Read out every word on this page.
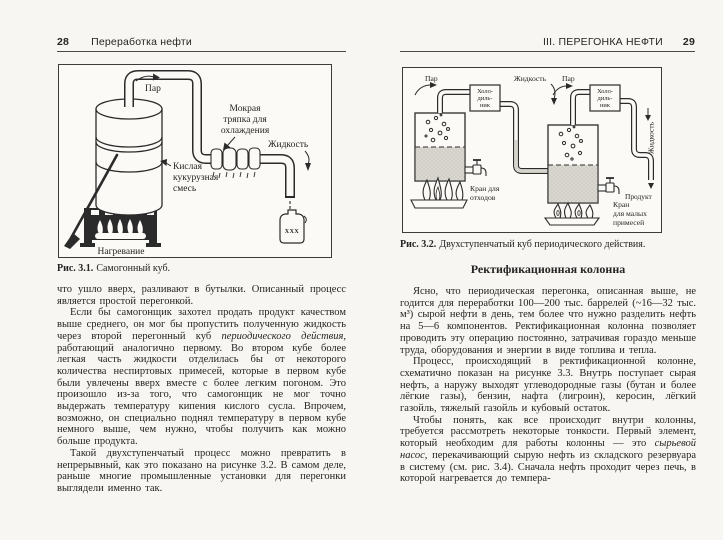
28 Переработка нефти
XXX
Пар
Мокрая
тряпка для
охлаждения
Жидкость
Кислая
кукурузная
смесь
Нагревание
Рис. 3.1. Самогонный куб.

что ушло вверх, разливают в бутылки. Описанный процесс является простой перегонкой.

Если бы самогонщик захотел продать продукт качеством выше среднего, он мог бы пропустить полученную жидкость через второй перегонный куб периодического действия, работающий аналогично первому. Во втором кубе более легкая часть жидкости отделилась бы от некоторого количества неспиртовых примесей, которые в первом кубе были увлечены вверх вместе с более легким погоном. Это произошло из-за того, что самогонщик не мог точно выдержать температуру кипения кислого сусла. Впрочем, возможно, он специально поднял температуру в первом кубе немного выше, чем нужно, чтобы получить как можно больше продукта.

Такой двухступенчатый процесс можно превратить в непрерывный, как это показано на рисунке 3.2. В самом деле, раньше многие промышленные установки для перегонки выглядели именно так.

III. ПЕРЕГОНКА НЕФТИ 29
Холо-
диль-
ник
Пар	Жидкость
Кран для
отходов
Холо-
диль-
ник
Пар
Жидкость
Продукт
Кран
для малых
примесей
Рис. 3.2. Двухступенчатый куб периодического действия.
Ректификационная колонна

Ясно, что периодическая перегонка, описанная выше, не годится для переработки 100—200 тыс. баррелей (~16—32 тыс. м³) сырой нефти в день, тем более что нужно разделить нефть на 5—6 компонентов. Ректификационная колонна позволяет проводить эту операцию постоянно, затрачивая гораздо меньше труда, оборудования и энергии в виде топлива и тепла.

Процесс, происходящий в ректификационной колонне, схематично показан на рисунке 3.3. Внутрь поступает сырая нефть, а наружу выходят углеводородные газы (бутан и более лёгкие газы), бензин, нафта (лигроин), керосин, лёгкий газойль, тяжелый газойль и кубовый остаток.

Чтобы понять, как все происходит внутри колонны, требуется рассмотреть некоторые тонкости. Первый элемент, который необходим для работы колонны — это сырьевой насос, перекачивающий сырую нефть из складского резервуара в систему (см. рис. 3.4). Сначала нефть проходит через печь, в которой нагревается до темпера-
